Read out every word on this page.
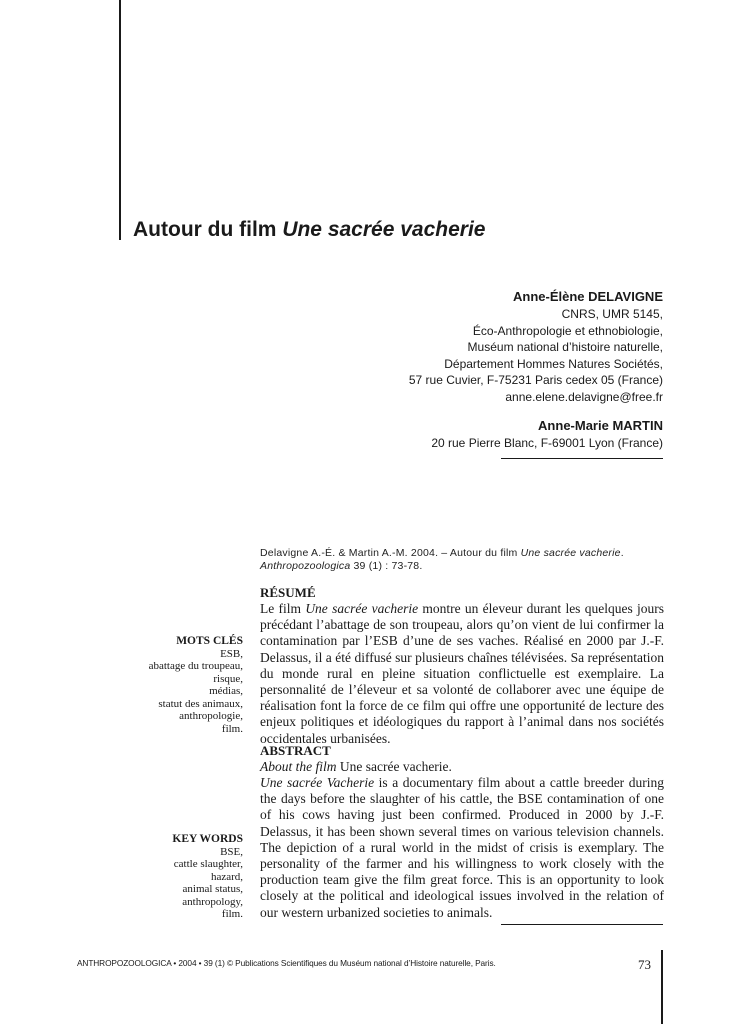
Autour du film Une sacrée vacherie
Anne-Élène DELAVIGNE
CNRS, UMR 5145,
Éco-Anthropologie et ethnobiologie,
Muséum national d’histoire naturelle,
Département Hommes Natures Sociétés,
57 rue Cuvier, F-75231 Paris cedex 05 (France)
anne.elene.delavigne@free.fr
Anne-Marie MARTIN
20 rue Pierre Blanc, F-69001 Lyon (France)
Delavigne A.-É. & Martin A.-M. 2004. – Autour du film Une sacrée vacherie. Anthropozoologica 39 (1) : 73-78.
RÉSUMÉ
Le film Une sacrée vacherie montre un éleveur durant les quelques jours précédant l’abattage de son troupeau, alors qu’on vient de lui confirmer la contamination par l’ESB d’une de ses vaches. Réalisé en 2000 par J.-F. Delassus, il a été diffusé sur plusieurs chaînes télévisées. Sa représentation du monde rural en pleine situation conflictuelle est exemplaire. La personnalité de l’éleveur et sa volonté de collaborer avec une équipe de réalisation font la force de ce film qui offre une opportunité de lecture des enjeux politiques et idéologiques du rapport à l’animal dans nos sociétés occidentales urbanisées.
MOTS CLÉS
ESB,
abattage du troupeau,
risque,
médias,
statut des animaux,
anthropologie,
film.
ABSTRACT
About the film Une sacrée vacherie.
Une sacrée Vacherie is a documentary film about a cattle breeder during the days before the slaughter of his cattle, the BSE contamination of one of his cows having just been confirmed. Produced in 2000 by J.-F. Delassus, it has been shown several times on various television channels. The depiction of a rural world in the midst of crisis is exemplary. The personality of the farmer and his willingness to work closely with the production team give the film great force. This is an opportunity to look closely at the political and ideological issues involved in the relation of our western urbanized societies to animals.
KEY WORDS
BSE,
cattle slaughter,
hazard,
animal status,
anthropology,
film.
ANTHROPOZOOLOGICA • 2004 • 39 (1) © Publications Scientifiques du Muséum national d’Histoire naturelle, Paris.	73
